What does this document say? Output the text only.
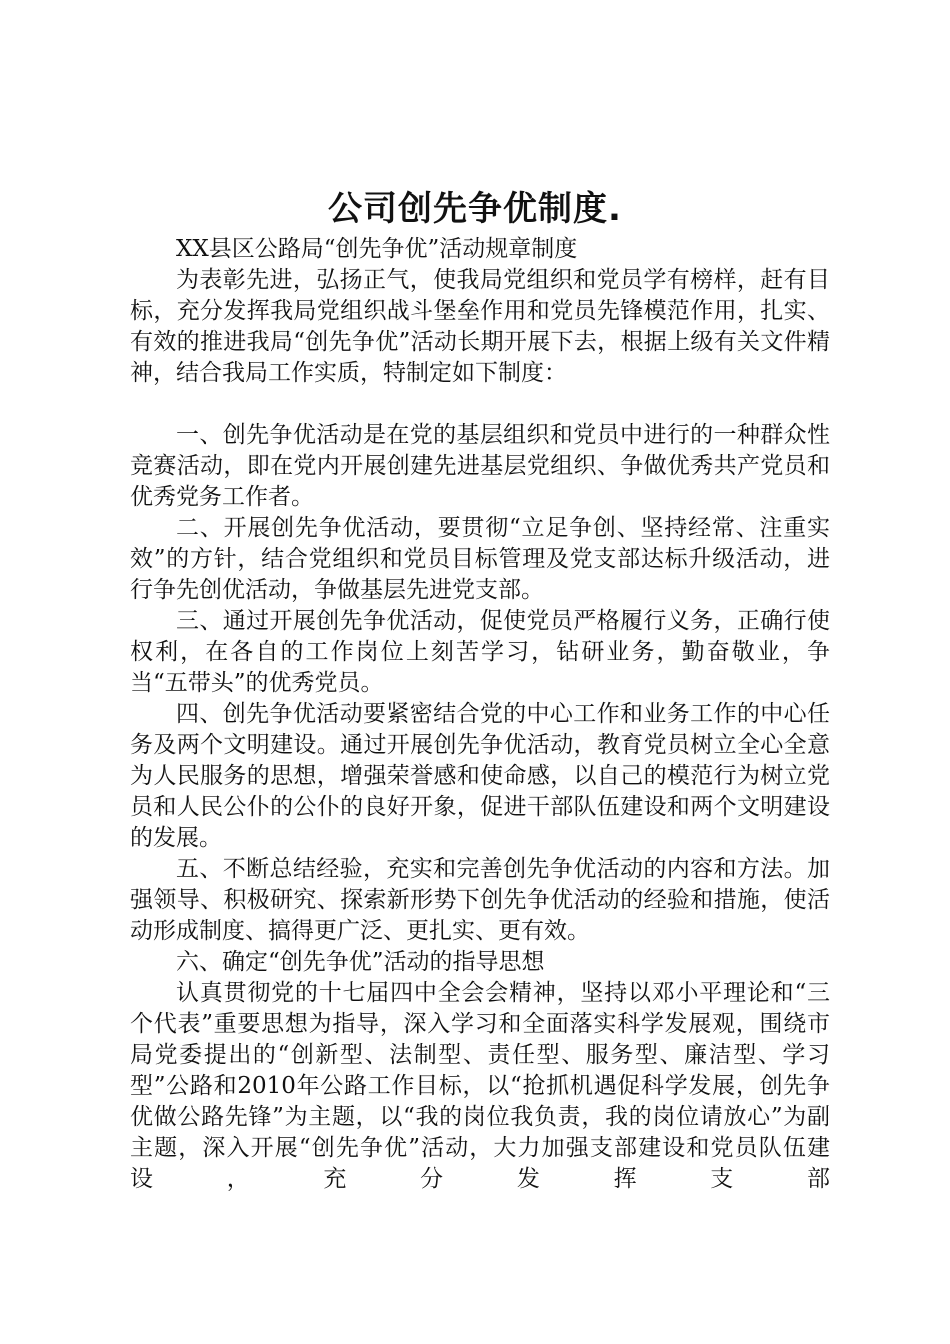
公司创先争优制度.

XX县区公路局“创先争优”活动规章制度

为表彰先进，弘扬正气，使我局党组织和党员学有榜样，赶有目标，充分发挥我局党组织战斗堡垒作用和党员先锋模范作用，扎实、有效的推进我局“创先争优”活动长期开展下去，根据上级有关文件精神，结合我局工作实质，特制定如下制度：

一、创先争优活动是在党的基层组织和党员中进行的一种群众性竞赛活动，即在党内开展创建先进基层党组织、争做优秀共产党员和优秀党务工作者。

二、开展创先争优活动，要贯彻“立足争创、坚持经常、注重实效”的方针，结合党组织和党员目标管理及党支部达标升级活动，进行争先创优活动，争做基层先进党支部。

三、通过开展创先争优活动，促使党员严格履行义务，正确行使权利，在各自的工作岗位上刻苦学习，钻研业务，勤奋敬业，争当“五带头”的优秀党员。

四、创先争优活动要紧密结合党的中心工作和业务工作的中心任务及两个文明建设。通过开展创先争优活动，教育党员树立全心全意为人民服务的思想，增强荣誉感和使命感，以自己的模范行为树立党员和人民公仆的公仆的良好开象，促进干部队伍建设和两个文明建设的发展。

五、不断总结经验，充实和完善创先争优活动的内容和方法。加强领导、积极研究、探索新形势下创先争优活动的经验和措施，使活动形成制度、搞得更广泛、更扎实、更有效。

六、确定“创先争优”活动的指导思想

认真贯彻党的十七届四中全会会精神，坚持以邓小平理论和“三个代表”重要思想为指导，深入学习和全面落实科学发展观，围绕市局党委提出的“创新型、法制型、责任型、服务型、廉洁型、学习型”公路和2010年公路工作目标，以“抢抓机遇促科学发展，创先争优做公路先锋”为主题，以“我的岗位我负责，我的岗位请放心”为副主题，深入开展“创先争优”活动，大力加强支部建设和党员队伍建设，充分发挥支部
